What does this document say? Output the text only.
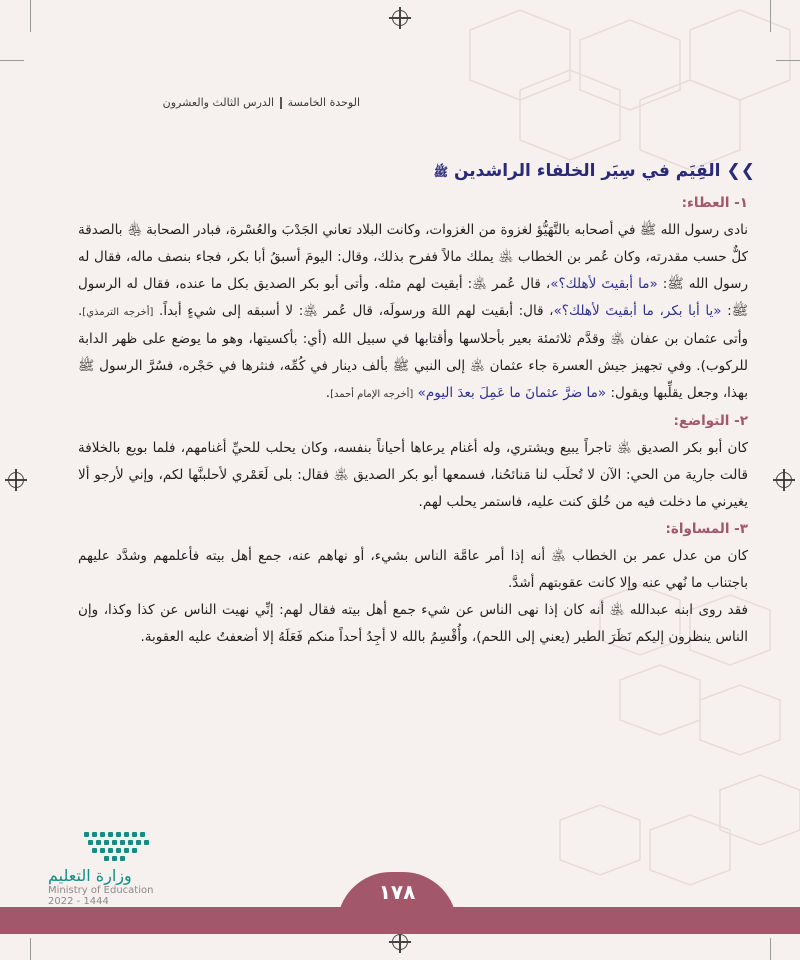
الوحدة الخامسةالدرس الثالث والعشرون
❯❯القِيَم في سِيَر الخلفاء الراشدين ﷺ
١- العطاء:

نادى رسول الله ﷺ في أصحابه بالتَّهَيُّؤ لغزوة من الغزوات، وكانت البلاد تعاني الجَدْبَ والعُسْرة، فبادر الصحابة ﵃ بالصدقة كلٌّ حسب مقدرته، وكان عُمر بن الخطاب ﵁ يملك مالاً ففرح بذلك، وقال: اليومَ أسبقُ أبا بكر، فجاء بنصف ماله، فقال له رسول الله ﷺ: «ما أبقيتَ لأهلك؟»، قال عُمر ﵁: أبقيت لهم مثله. وأتى أبو بكر الصديق بكل ما عنده، فقال له الرسول ﷺ: «يا أبا بكر، ما أبقيتَ لأهلك؟»، قال: أبقيت لهم اللهَ ورسولَه، قال عُمر ﵁: لا أسبقه إلى شيءٍ أبداً. [أخرجه الترمذي]. وأتى عثمان بن عفان ﵁ وقدَّم ثلاثمئة بعير بأحلاسها وأقتابها في سبيل الله (أي: بأكسيتها، وهو ما يوضع على ظهر الدابة للركوب). وفي تجهيز جيش العسرة جاء عثمان ﵁ إلى النبي ﷺ بألف دينار في كُمِّه، فنثرها في حَجْره، فسُرَّ الرسول ﷺ بهذا، وجعل يقلِّبها ويقول: «ما ضرَّ عثمانَ ما عَمِلَ بعدَ اليوم» [أخرجه الإمام أحمد].

٢- التواضع:

كان أبو بكر الصديق ﵁ تاجراً يبيع ويشتري، وله أغنام يرعاها أحياناً بنفسه، وكان يحلب للحيِّ أغنامهم، فلما بويع بالخلافة قالت جارية من الحي: الآن لا تُحلَب لنا مَنائحُنا، فسمعها أبو بكر الصديق ﵁ فقال: بلى لَعَمْري لأحلبنَّها لكم، وإني لأرجو ألا يغيرني ما دخلت فيه من خُلق كنت عليه، فاستمر يحلب لهم.

٣- المساواة:

كان من عدل عمر بن الخطاب ﵁ أنه إذا أمر عامَّة الناس بشيء، أو نهاهم عنه، جمع أهل بيته فأعلمهم وشدَّد عليهم باجتناب ما نُهي عنه وإلا كانت عقوبتهم أشدَّ.

فقد روى ابنه عبدالله ﵁ أنه كان إذا نهى الناس عن شيء جمع أهل بيته فقال لهم: إنِّي نهيت الناس عن كذا وكذا، وإن الناس ينظرون إليكم نَظَرَ الطير (يعني إلى اللحم)، وأُقْسِمُ بالله لا أجِدُ أحداً منكم فَعَلَهُ إلا أضعفتُ عليه العقوبة.

وزارة التعليم
Ministry of Education
2022 - 1444	١٧٨
